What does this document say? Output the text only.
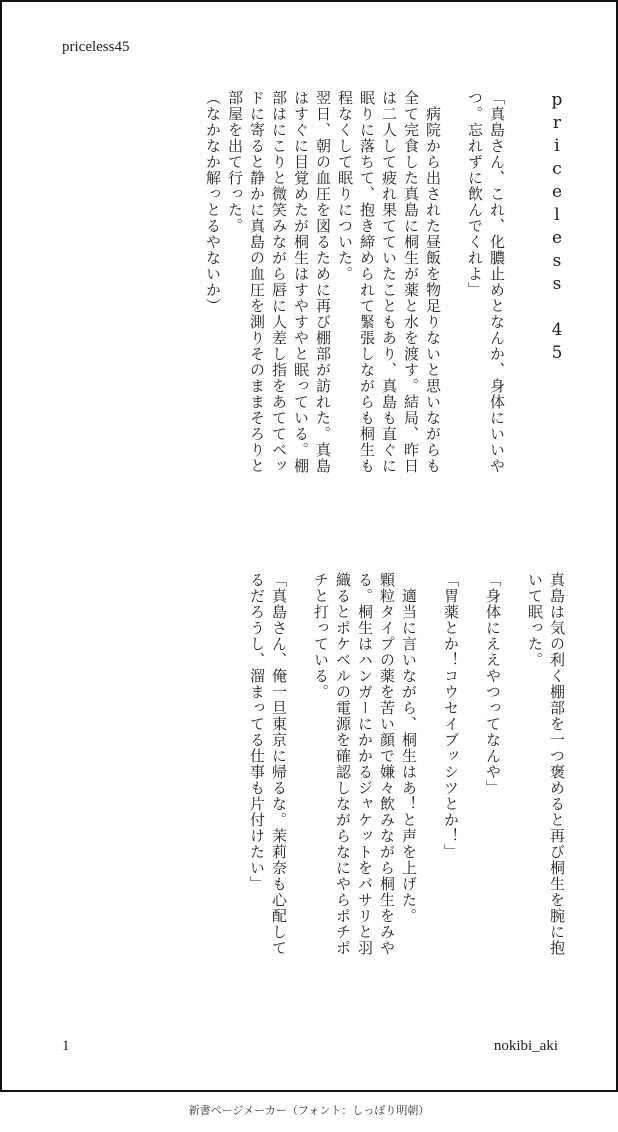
priceless45
priceless 45
「真島さん、これ、化膿止めとなんか、身体にいいや
つ。忘れずに飲んでくれよ」
　病院から出された昼飯を物足りないと思いながらも
全て完食した真島に桐生が薬と水を渡す。結局、昨日
は二人して疲れ果てていたこともあり、真島も直ぐに
眠りに落ちて、抱き締められて緊張しながらも桐生も
程なくして眠りについた。
翌日、朝の血圧を図るために再び棚部が訪れた。真島
はすぐに目覚めたが桐生はすやすやと眠っている。棚
部はにこりと微笑みながら唇に人差し指をあててベッ
ドに寄ると静かに真島の血圧を測りそのままそろりと
部屋を出て行った。
（なかなか解っとるやないか）
真島は気の利く棚部を一つ褒めると再び桐生を腕に抱
いて眠った。
「身体にええやつってなんや」
「胃薬とか！コウセイブッシツとか！」
　適当に言いながら、桐生はあ！と声を上げた。
顆粒タイプの薬を苦い顔で嫌々飲みながら桐生をみや
る。桐生はハンガーにかかるジャケットをバサリと羽
織るとポケベルの電源を確認しながらなにやらポチポ
チと打っている。
「真島さん、俺一旦東京に帰るな。茉莉奈も心配して
るだろうし、溜まってる仕事も片付けたい」
1	nokibi_aki
新書ページメーカー（フォント：しっぽり明朝）
